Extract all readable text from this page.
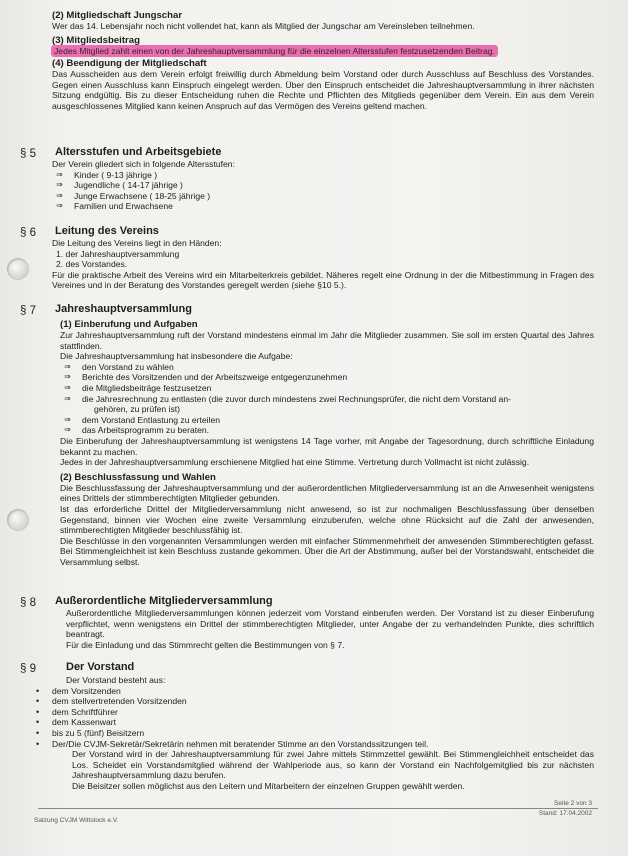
(2) Mitgliedschaft Jungschar

Wer das 14. Lebensjahr noch nicht vollendet hat, kann als Mitglied der Jungschar am Vereinsleben teilnehmen.

(3) Mitgliedsbeitrag

Jedes Mitglied zahlt einen von der Jahreshauptversammlung für die einzelnen Altersstufen festzusetzenden Beitrag.

(4) Beendigung der Mitgliedschaft

Das Ausscheiden aus dem Verein erfolgt freiwillig durch Abmeldung beim Vorstand oder durch Ausschluss auf Beschluss des Vorstandes. Gegen einen Ausschluss kann Einspruch eingelegt werden. Über den Einspruch entscheidet die Jahreshauptversammlung in ihrer nächsten Sitzung endgültig. Bis zu dieser Entscheidung ruhen die Rechte und Pflichten des Mitglieds gegenüber dem Verein. Ein aus dem Verein ausgeschlossenes Mitglied kann keinen Anspruch auf das Vermögen des Vereins geltend machen.

§ 5 Altersstufen und Arbeitsgebiete

Der Verein gliedert sich in folgende Altersstufen:

⇒ Kinder ( 9-13 jährige )
⇒ Jugendliche ( 14-17 jährige )
⇒ Junge Erwachsene ( 18-25 jährige )
⇒ Familien und Erwachsene
§ 6 Leitung des Vereins

Die Leitung des Vereins liegt in den Händen:

1. der Jahreshauptversammlung

2. des Vorstandes.

Für die praktische Arbeit des Vereins wird ein Mitarbeiterkreis gebildet. Näheres regelt eine Ordnung in der die Mitbestimmung in Fragen des Vereines und in der Beratung des Vorstandes geregelt werden (siehe §10 5.).

§ 7 Jahreshauptversammlung
(1) Einberufung und Aufgaben

Zur Jahreshauptversammlung ruft der Vorstand mindestens einmal im Jahr die Mitglieder zusammen. Sie soll im ersten Quartal des Jahres stattfinden.

Die Jahreshauptversammlung hat insbesondere die Aufgabe:

⇒ den Vorstand zu wählen
⇒ Berichte des Vorsitzenden und der Arbeitszweige entgegenzunehmen
⇒ die Mitgliedsbeiträge festzusetzen
⇒ die Jahresrechnung zu entlasten (die zuvor durch mindestens zwei Rechnungsprüfer, die nicht dem Vorstand an-
gehören, zu prüfen ist)
⇒ dem Vorstand Entlastung zu erteilen
⇒ das Arbeitsprogramm zu beraten.

Die Einberufung der Jahreshauptversammlung ist wenigstens 14 Tage vorher, mit Angabe der Tagesordnung, durch schriftliche Einladung bekannt zu machen.

Jedes in der Jahreshauptversammlung erschienene Mitglied hat eine Stimme. Vertretung durch Vollmacht ist nicht zulässig.

(2) Beschlussfassung und Wahlen

Die Beschlussfassung der Jahreshauptversammlung und der außerordentlichen Mitgliederversammlung ist an die Anwesenheit wenigstens eines Drittels der stimmberechtigten Mitglieder gebunden.

Ist das erforderliche Drittel der Mitgliederversammlung nicht anwesend, so ist zur nochmaligen Beschlussfassung über denselben Gegenstand, binnen vier Wochen eine zweite Versammlung einzuberufen, welche ohne Rücksicht auf die Zahl der anwesenden, stimmberechtigten Mitglieder beschlussfähig ist.

Die Beschlüsse in den vorgenannten Versammlungen werden mit einfacher Stimmenmehrheit der anwesenden Stimmberechtigten gefasst. Bei Stimmengleichheit ist kein Beschluss zustande gekommen. Über die Art der Abstimmung, außer bei der Vorstandswahl, entscheidet die Versammlung selbst.

§ 8 Außerordentliche Mitgliederversammlung

Außerordentliche Mitgliederversammlungen können jederzeit vom Vorstand einberufen werden. Der Vorstand ist zu dieser Einberufung verpflichtet, wenn wenigstens ein Drittel der stimmberechtigten Mitglieder, unter Angabe der zu verhandelnden Punkte, dies schriftlich beantragt.

Für die Einladung und das Stimmrecht gelten die Bestimmungen von § 7.

§ 9	Der Vorstand

Der Vorstand besteht aus:

• dem Vorsitzenden
• dem stellvertretenden Vorsitzenden
• dem Schriftführer
• dem Kassenwart
• bis zu 5 (fünf) Beisitzern
• Der/Die CVJM-Sekretär/Sekretärin nehmen mit beratender Stimme an den Vorstandssitzungen teil.

Der Vorstand wird in der Jahreshauptversammlung für zwei Jahre mittels Stimmzettel gewählt. Bei Stimmengleichheit entscheidet das Los. Scheidet ein Vorstandsmitglied während der Wahlperiode aus, so kann der Vorstand ein Nachfolgemitglied bis zur nächsten Jahreshauptversammlung dazu berufen.

Die Beisitzer sollen möglichst aus den Leitern und Mitarbeitern der einzelnen Gruppen gewählt werden.

Satzung CVJM Wittstock e.V.
Seite 2 von 3
Stand: 17.04.2002
